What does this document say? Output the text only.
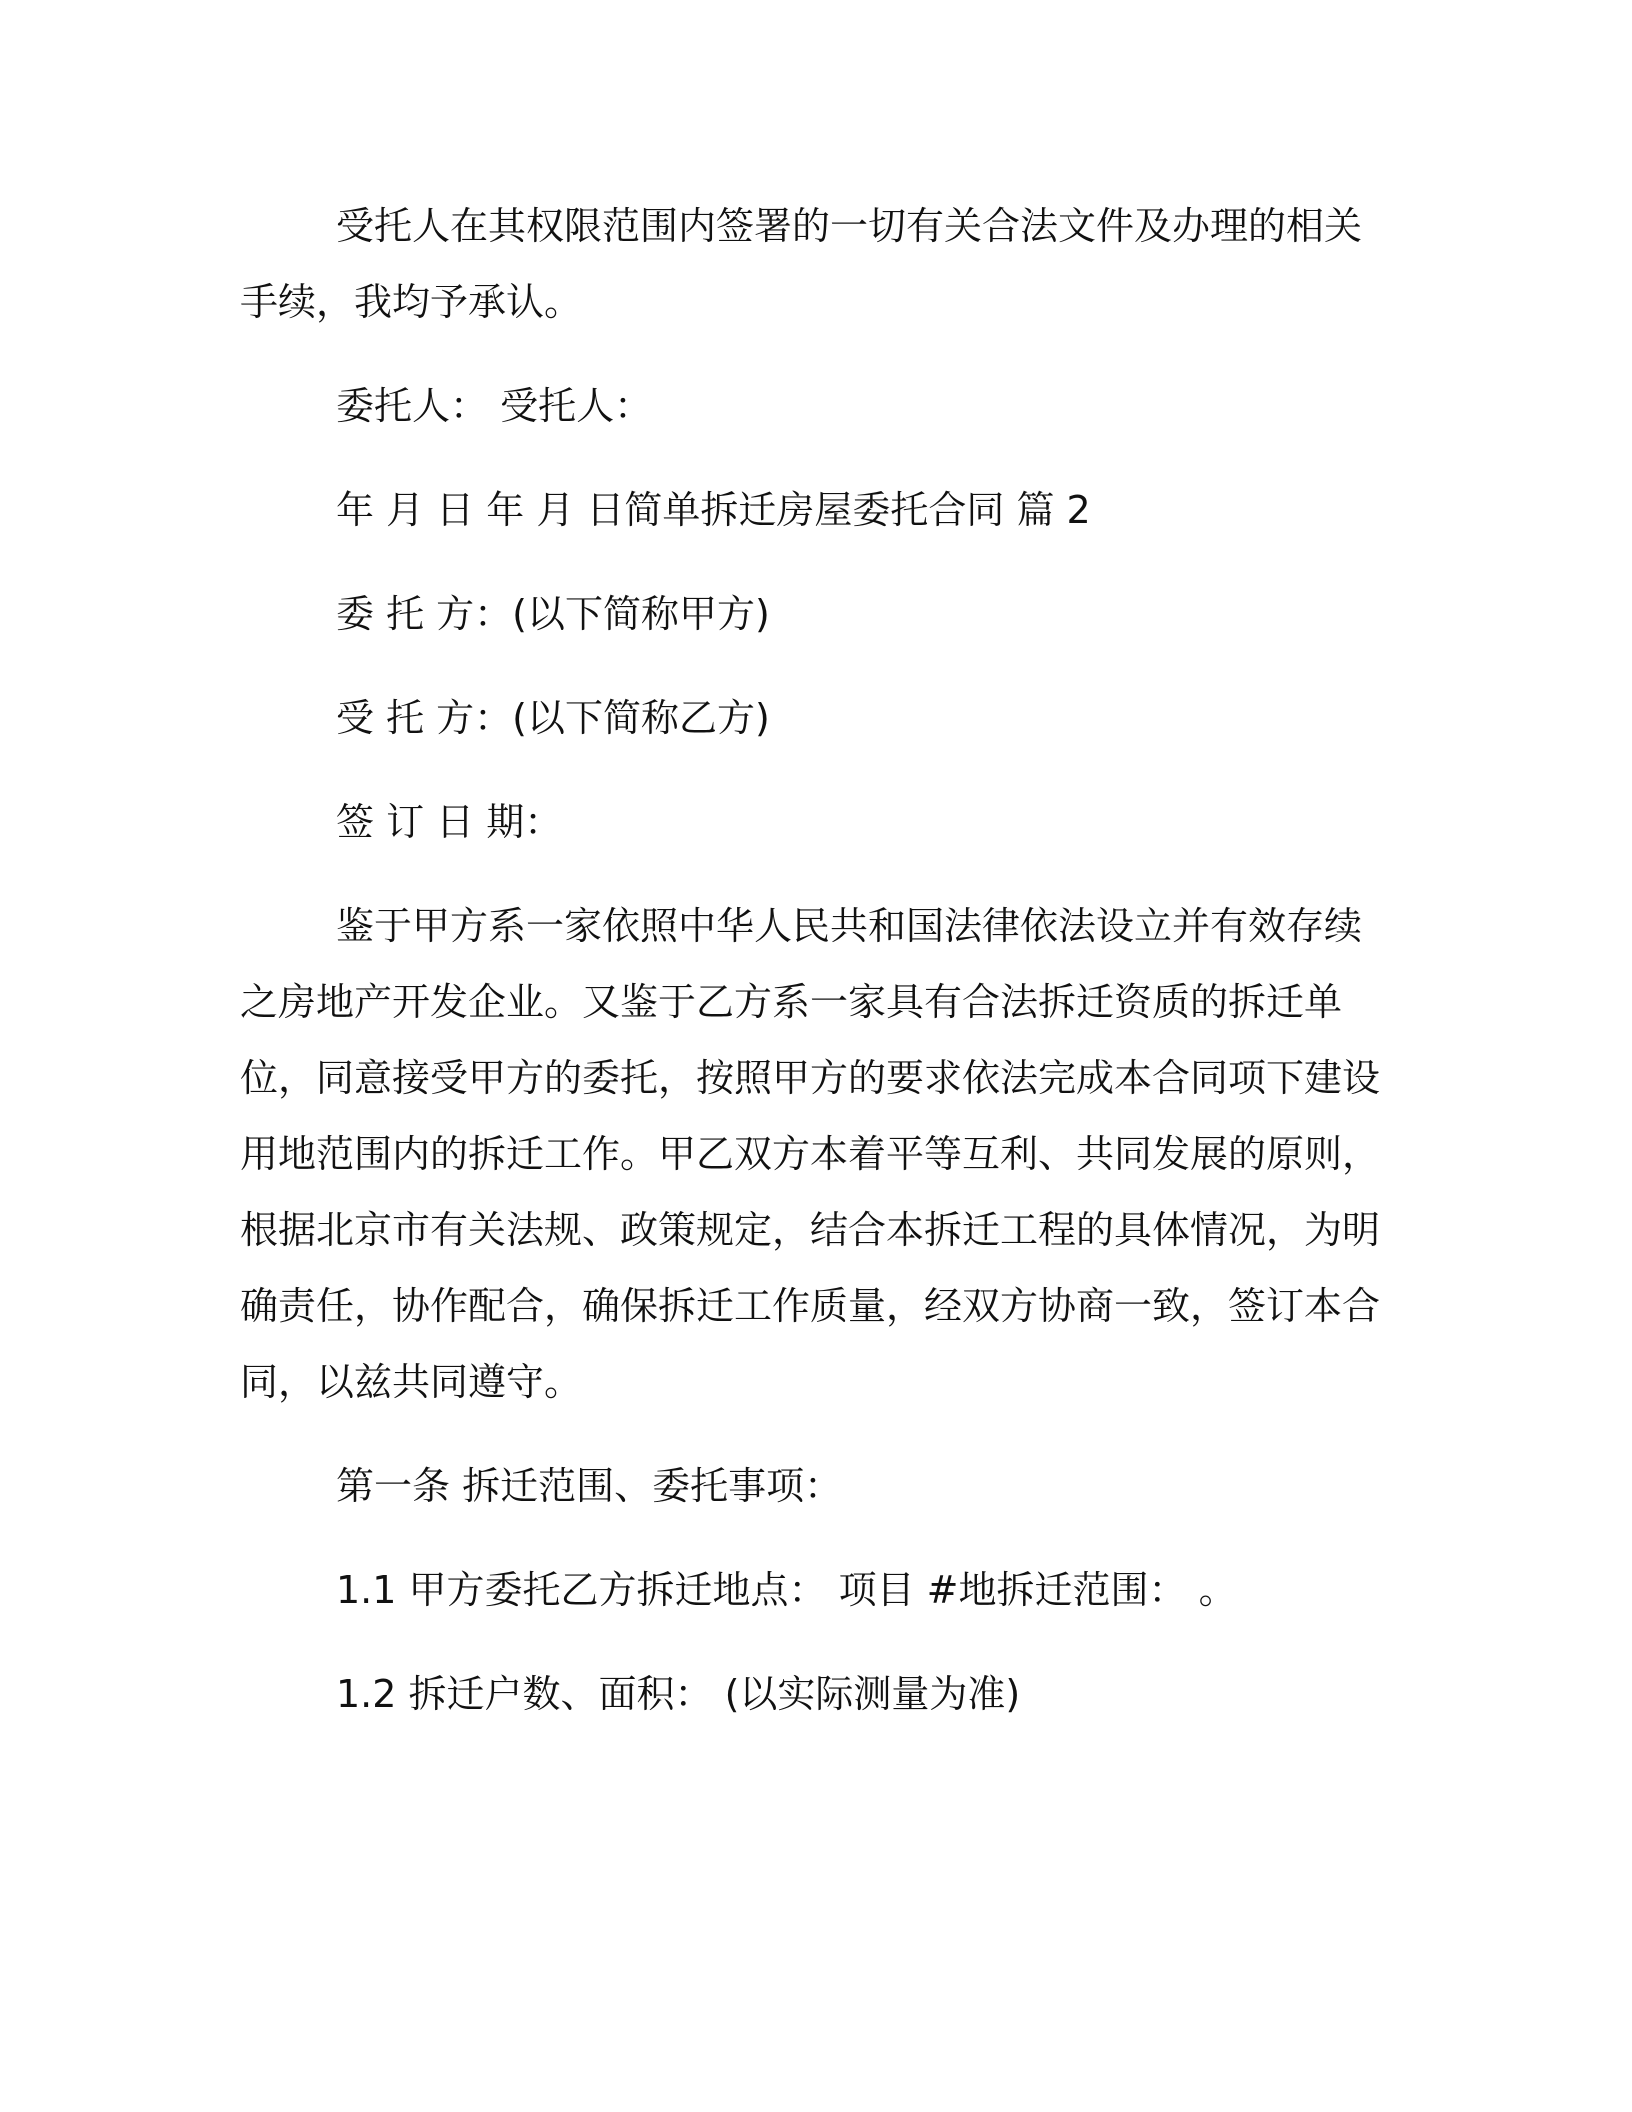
受托人在其权限范围内签署的一切有关合法文件及办理的相关手续，我均予承认。

委托人： 受托人：

年 月 日 年 月 日简单拆迁房屋委托合同 篇 2

委 托 方：(以下简称甲方)

受 托 方：(以下简称乙方)

签 订 日 期：

鉴于甲方系一家依照中华人民共和国法律依法设立并有效存续之房地产开发企业。又鉴于乙方系一家具有合法拆迁资质的拆迁单位，同意接受甲方的委托，按照甲方的要求依法完成本合同项下建设用地范围内的拆迁工作。甲乙双方本着平等互利、共同发展的原则，根据北京市有关法规、政策规定，结合本拆迁工程的具体情况，为明确责任，协作配合，确保拆迁工作质量，经双方协商一致，签订本合同，以兹共同遵守。

第一条 拆迁范围、委托事项：

1.1 甲方委托乙方拆迁地点： 项目 #地拆迁范围： 。

1.2 拆迁户数、面积： (以实际测量为准)
